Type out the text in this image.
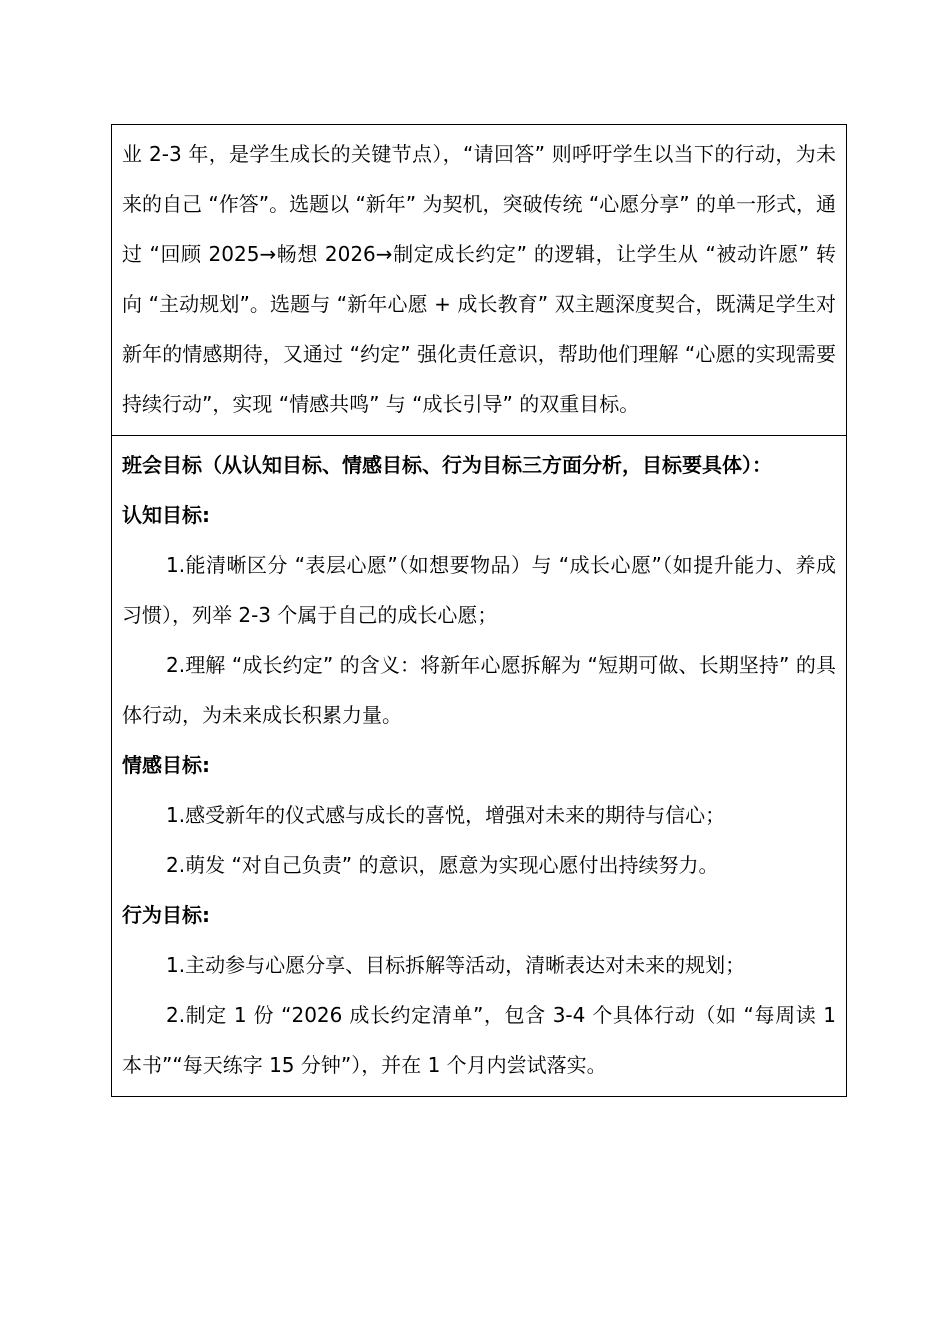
业 2-3 年，是学生成长的关键节点），“请回答” 则呼吁学生以当下的行动，为未来的自己 “作答”。选题以 “新年” 为契机，突破传统 “心愿分享” 的单一形式，通过 “回顾 2025→畅想 2026→制定成长约定” 的逻辑，让学生从 “被动许愿” 转向 “主动规划”。选题与 “新年心愿 + 成长教育” 双主题深度契合，既满足学生对新年的情感期待，又通过 “约定” 强化责任意识，帮助他们理解 “心愿的实现需要持续行动”，实现 “情感共鸣” 与 “成长引导” 的双重目标。

班会目标（从认知目标、情感目标、行为目标三方面分析，目标要具体）：

认知目标:

1.能清晰区分 “表层心愿”（如想要物品）与 “成长心愿”（如提升能力、养成习惯），列举 2-3 个属于自己的成长心愿；

2.理解 “成长约定” 的含义：将新年心愿拆解为 “短期可做、长期坚持” 的具体行动，为未来成长积累力量。

情感目标:

1.感受新年的仪式感与成长的喜悦，增强对未来的期待与信心；

2.萌发 “对自己负责” 的意识，愿意为实现心愿付出持续努力。

行为目标:

1.主动参与心愿分享、目标拆解等活动，清晰表达对未来的规划；

2.制定 1 份 “2026 成长约定清单”，包含 3-4 个具体行动（如 “每周读 1 本书”“每天练字 15 分钟”），并在 1 个月内尝试落实。
